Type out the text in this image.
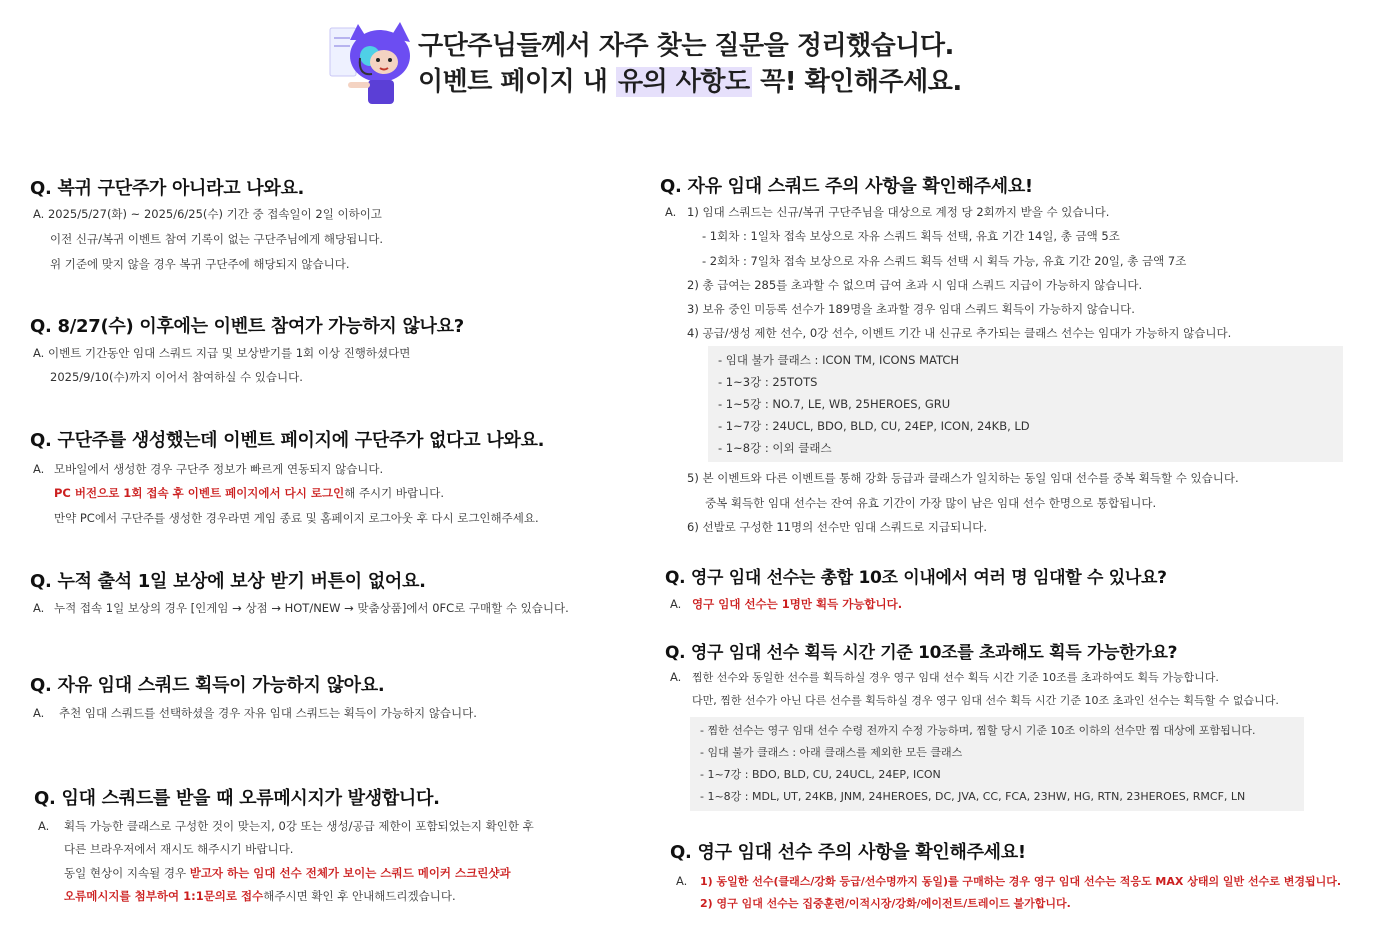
구단주님들께서 자주 찾는 질문을 정리했습니다.
이벤트 페이지 내 유의 사항도 꼭! 확인해주세요.
Q. 복귀 구단주가 아니라고 나와요.
A. 2025/5/27(화) ~ 2025/6/25(수) 기간 중 접속일이 2일 이하이고
이전 신규/복귀 이벤트 참여 기록이 없는 구단주님에게 해당됩니다.
위 기준에 맞지 않을 경우 복귀 구단주에 해당되지 않습니다.
Q. 8/27(수) 이후에는 이벤트 참여가 가능하지 않나요?
A. 이벤트 기간동안 임대 스쿼드 지급 및 보상받기를 1회 이상 진행하셨다면
2025/9/10(수)까지 이어서 참여하실 수 있습니다.
Q. 구단주를 생성했는데 이벤트 페이지에 구단주가 없다고 나와요.
A. 모바일에서 생성한 경우 구단주 정보가 빠르게 연동되지 않습니다.
PC 버전으로 1회 접속 후 이벤트 페이지에서 다시 로그인해 주시기 바랍니다.
만약 PC에서 구단주를 생성한 경우라면 게임 종료 및 홈페이지 로그아웃 후 다시 로그인해주세요.
Q. 누적 출석 1일 보상에 보상 받기 버튼이 없어요.
A. 누적 접속 1일 보상의 경우 [인게임 → 상점 → HOT/NEW → 맞춤상품]에서 0FC로 구매할 수 있습니다.
Q. 자유 임대 스쿼드 획득이 가능하지 않아요.
A. 추천 임대 스쿼드를 선택하셨을 경우 자유 임대 스쿼드는 획득이 가능하지 않습니다.
Q. 임대 스쿼드를 받을 때 오류메시지가 발생합니다.
A. 획득 가능한 클래스로 구성한 것이 맞는지, 0강 또는 생성/공급 제한이 포함되었는지 확인한 후
다른 브라우저에서 재시도 해주시기 바랍니다.
동일 현상이 지속될 경우 받고자 하는 임대 선수 전체가 보이는 스쿼드 메이커 스크린샷과
오류메시지를 첨부하여 1:1문의로 접수해주시면 확인 후 안내해드리겠습니다.
Q. 자유 임대 스쿼드 주의 사항을 확인해주세요!
A. 1) 임대 스쿼드는 신규/복귀 구단주님을 대상으로 계정 당 2회까지 받을 수 있습니다.
- 1회차 : 1일차 접속 보상으로 자유 스쿼드 획득 선택, 유효 기간 14일, 총 금액 5조
- 2회차 : 7일차 접속 보상으로 자유 스쿼드 획득 선택 시 획득 가능, 유효 기간 20일, 총 금액 7조
2) 총 급여는 285를 초과할 수 없으며 급여 초과 시 임대 스쿼드 지급이 가능하지 않습니다.
3) 보유 중인 미등록 선수가 189명을 초과할 경우 임대 스쿼드 획득이 가능하지 않습니다.
4) 공급/생성 제한 선수, 0강 선수, 이벤트 기간 내 신규로 추가되는 클래스 선수는 임대가 가능하지 않습니다.
- 임대 불가 클래스 : ICON TM, ICONS MATCH
- 1~3강 : 25TOTS
- 1~5강 : NO.7, LE, WB, 25HEROES, GRU
- 1~7강 : 24UCL, BDO, BLD, CU, 24EP, ICON, 24KB, LD
- 1~8강 : 이외 클래스
5) 본 이벤트와 다른 이벤트를 통해 강화 등급과 클래스가 일치하는 동일 임대 선수를 중복 획득할 수 있습니다.
중복 획득한 임대 선수는 잔여 유효 기간이 가장 많이 남은 임대 선수 한명으로 통합됩니다.
6) 선발로 구성한 11명의 선수만 임대 스쿼드로 지급되니다.
Q. 영구 임대 선수는 총합 10조 이내에서 여러 명 임대할 수 있나요?
A. 영구 임대 선수는 1명만 획득 가능합니다.
Q. 영구 임대 선수 획득 시간 기준 10조를 초과해도 획득 가능한가요?
A. 찜한 선수와 동일한 선수를 획득하실 경우 영구 임대 선수 획득 시간 기준 10조를 초과하여도 획득 가능합니다.
다만, 찜한 선수가 아닌 다른 선수를 획득하실 경우 영구 임대 선수 획득 시간 기준 10조 초과인 선수는 획득할 수 없습니다.
- 찜한 선수는 영구 임대 선수 수령 전까지 수정 가능하며, 찜할 당시 기준 10조 이하의 선수만 찜 대상에 포함됩니다.
- 임대 불가 클래스 : 아래 클래스를 제외한 모든 클래스
- 1~7강 : BDO, BLD, CU, 24UCL, 24EP, ICON
- 1~8강 : MDL, UT, 24KB, JNM, 24HEROES, DC, JVA, CC, FCA, 23HW, HG, RTN, 23HEROES, RMCF, LN
Q. 영구 임대 선수 주의 사항을 확인해주세요!
A. 1) 동일한 선수(클래스/강화 등급/선수명까지 동일)를 구매하는 경우 영구 임대 선수는 적응도 MAX 상태의 일반 선수로 변경됩니다.
2) 영구 임대 선수는 집중훈련/이적시장/강화/에이전트/트레이드 불가합니다.
